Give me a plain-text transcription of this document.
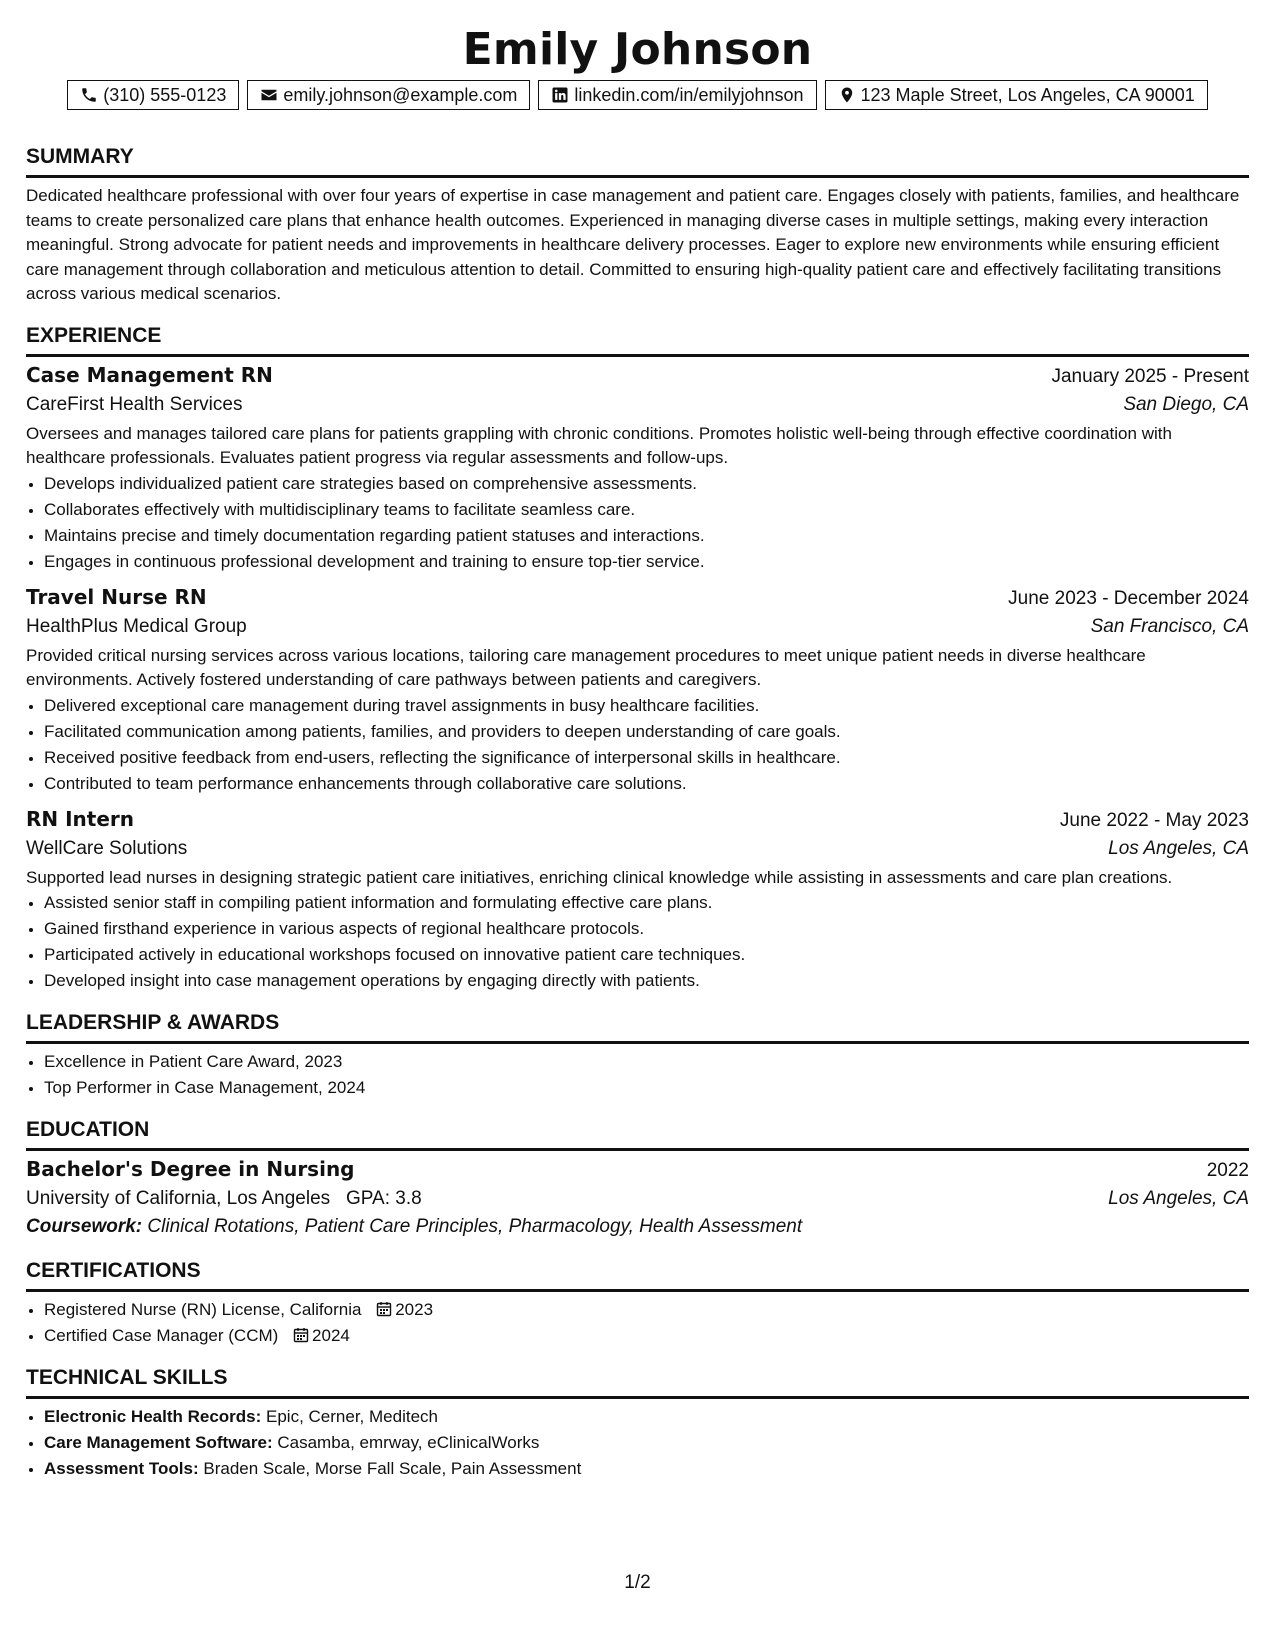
Emily Johnson
(310) 555-0123	emily.johnson@example.com	linkedin.com/in/emilyjohnson	123 Maple Street, Los Angeles, CA 90001
SUMMARY

Dedicated healthcare professional with over four years of expertise in case management and patient care. Engages closely with patients, families, and healthcare teams to create personalized care plans that enhance health outcomes. Experienced in managing diverse cases in multiple settings, making every interaction meaningful. Strong advocate for patient needs and improvements in healthcare delivery processes. Eager to explore new environments while ensuring efficient care management through collaboration and meticulous attention to detail. Committed to ensuring high-quality patient care and effectively facilitating transitions across various medical scenarios.

EXPERIENCE
Case Management RN	January 2025 - Present
CareFirst Health Services	San Diego, CA

Oversees and manages tailored care plans for patients grappling with chronic conditions. Promotes holistic well-being through effective coordination with healthcare professionals. Evaluates patient progress via regular assessments and follow-ups.

• Develops individualized patient care strategies based on comprehensive assessments.
• Collaborates effectively with multidisciplinary teams to facilitate seamless care.
• Maintains precise and timely documentation regarding patient statuses and interactions.
• Engages in continuous professional development and training to ensure top-tier service.
Travel Nurse RN	June 2023 - December 2024
HealthPlus Medical Group	San Francisco, CA

Provided critical nursing services across various locations, tailoring care management procedures to meet unique patient needs in diverse healthcare environments. Actively fostered understanding of care pathways between patients and caregivers.

• Delivered exceptional care management during travel assignments in busy healthcare facilities.
• Facilitated communication among patients, families, and providers to deepen understanding of care goals.
• Received positive feedback from end-users, reflecting the significance of interpersonal skills in healthcare.
• Contributed to team performance enhancements through collaborative care solutions.
RN Intern	June 2022 - May 2023
WellCare Solutions	Los Angeles, CA

Supported lead nurses in designing strategic patient care initiatives, enriching clinical knowledge while assisting in assessments and care plan creations.

• Assisted senior staff in compiling patient information and formulating effective care plans.
• Gained firsthand experience in various aspects of regional healthcare protocols.
• Participated actively in educational workshops focused on innovative patient care techniques.
• Developed insight into case management operations by engaging directly with patients.
LEADERSHIP & AWARDS
• Excellence in Patient Care Award, 2023
• Top Performer in Case Management, 2024
EDUCATION
Bachelor's Degree in Nursing	2022
University of California, Los Angeles GPA: 3.8	Los Angeles, CA
Coursework: Clinical Rotations, Patient Care Principles, Pharmacology, Health Assessment
CERTIFICATIONS
• Registered Nurse (RN) License, California 2023
• Certified Case Manager (CCM) 2024
TECHNICAL SKILLS
• Electronic Health Records: Epic, Cerner, Meditech
• Care Management Software: Casamba, emrway, eClinicalWorks
• Assessment Tools: Braden Scale, Morse Fall Scale, Pain Assessment
1/2
